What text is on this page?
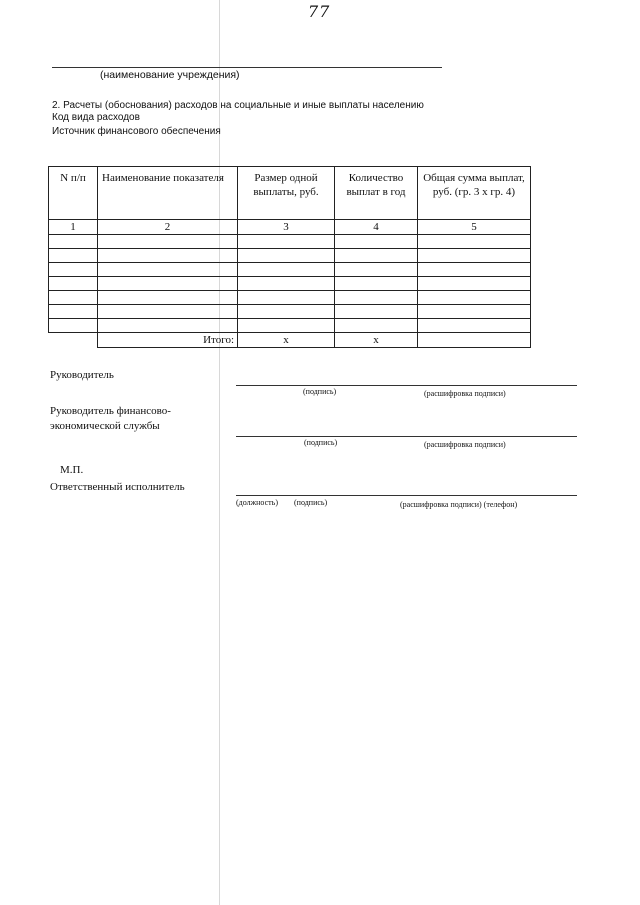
77
(наименование учреждения)
2. Расчеты (обоснования) расходов на социальные и иные выплаты населению
Код вида расходов
Источник финансового обеспечения
N п/п	Наименование показателя	Размер одной выплаты, руб.	Количество выплат в год	Общая сумма выплат, руб. (гр. 3 x гр. 4)
1	2	3	4	5

	Итого:	x	x	
Руководитель
(подпись)	(расшифровка подписи)
Руководитель финансово-
экономической службы
(подпись)	(расшифровка подписи)
М.П.
Ответственный исполнитель
(должность) (подпись)	(расшифровка подписи) (телефон)
